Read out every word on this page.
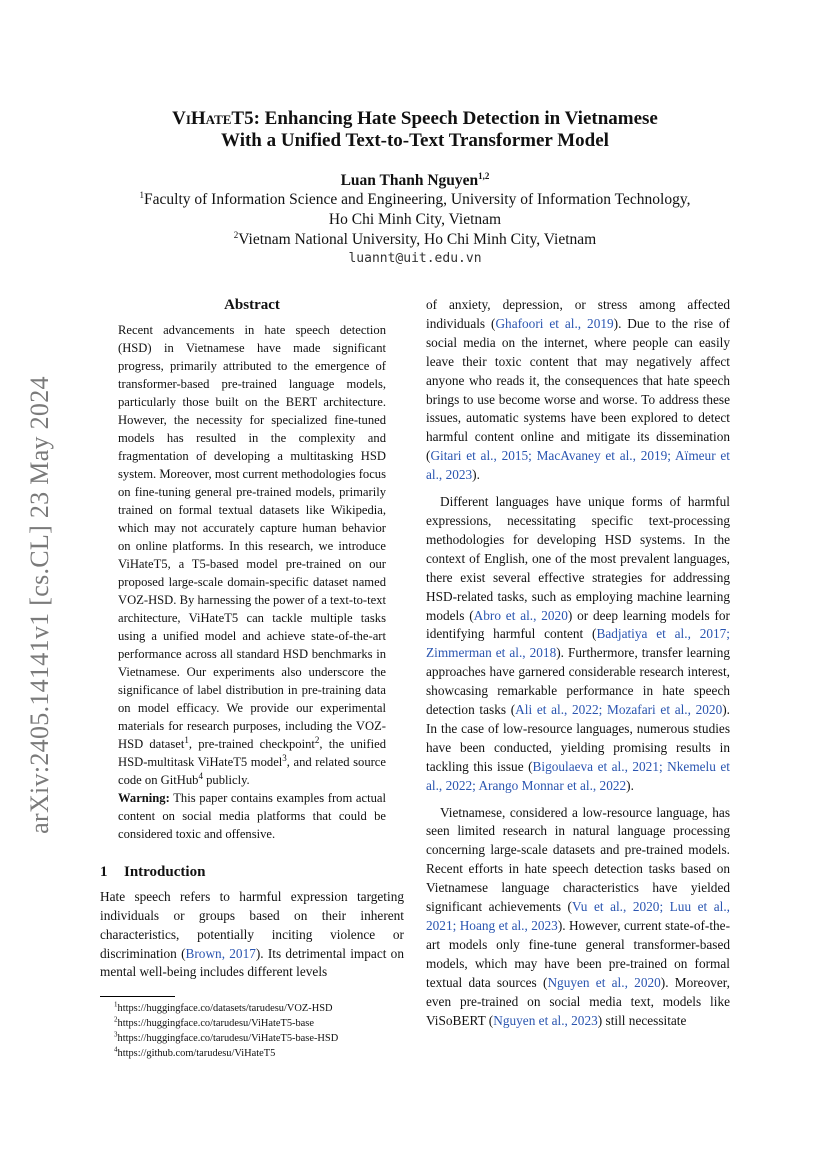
arXiv:2405.14141v1 [cs.CL] 23 May 2024
ViHateT5: Enhancing Hate Speech Detection in Vietnamese
With a Unified Text-to-Text Transformer Model
Luan Thanh Nguyen$^{1,2}$
$^1$Faculty of Information Science and Engineering, University of Information Technology,
Ho Chi Minh City, Vietnam
$^2$Vietnam National University, Ho Chi Minh City, Vietnam
luannt@uit.edu.vn
Abstract

Recent advancements in hate speech detection (HSD) in Vietnamese have made significant progress, primarily attributed to the emergence of transformer-based pre-trained language models, particularly those built on the BERT architecture. However, the necessity for specialized fine-tuned models has resulted in the complexity and fragmentation of developing a multitasking HSD system. Moreover, most current methodologies focus on fine-tuning general pre-trained models, primarily trained on formal textual datasets like Wikipedia, which may not accurately capture human behavior on online platforms. In this research, we introduce ViHateT5, a T5-based model pre-trained on our proposed large-scale domain-specific dataset named VOZ-HSD. By harnessing the power of a text-to-text architecture, ViHateT5 can tackle multiple tasks using a unified model and achieve state-of-the-art performance across all standard HSD benchmarks in Vietnamese. Our experiments also underscore the significance of label distribution in pre-training data on model efficacy. We provide our experimental materials for research purposes, including the VOZ-HSD dataset$^1$, pre-trained checkpoint$^2$, the unified HSD-multitask ViHateT5 model$^3$, and related source code on GitHub$^4$ publicly.

Warning: This paper contains examples from actual content on social media platforms that could be considered toxic and offensive.

1 Introduction

Hate speech refers to harmful expression targeting individuals or groups based on their inherent characteristics, potentially inciting violence or discrimination (Brown, 2017). Its detrimental impact on mental well-being includes different levels

$^1$https://huggingface.co/datasets/tarudesu/VOZ-HSD
$^2$https://huggingface.co/tarudesu/ViHateT5-base
$^3$https://huggingface.co/tarudesu/ViHateT5-base-HSD
$^4$https://github.com/tarudesu/ViHateT5

of anxiety, depression, or stress among affected individuals (Ghafoori et al., 2019). Due to the rise of social media on the internet, where people can easily leave their toxic content that may negatively affect anyone who reads it, the consequences that hate speech brings to use become worse and worse. To address these issues, automatic systems have been explored to detect harmful content online and mitigate its dissemination (Gitari et al., 2015; MacAvaney et al., 2019; Aïmeur et al., 2023).

Different languages have unique forms of harmful expressions, necessitating specific text-processing methodologies for developing HSD systems. In the context of English, one of the most prevalent languages, there exist several effective strategies for addressing HSD-related tasks, such as employing machine learning models (Abro et al., 2020) or deep learning models for identifying harmful content (Badjatiya et al., 2017; Zimmerman et al., 2018). Furthermore, transfer learning approaches have garnered considerable research interest, showcasing remarkable performance in hate speech detection tasks (Ali et al., 2022; Mozafari et al., 2020). In the case of low-resource languages, numerous studies have been conducted, yielding promising results in tackling this issue (Bigoulaeva et al., 2021; Nkemelu et al., 2022; Arango Monnar et al., 2022).

Vietnamese, considered a low-resource language, has seen limited research in natural language processing concerning large-scale datasets and pre-trained models. Recent efforts in hate speech detection tasks based on Vietnamese language characteristics have yielded significant achievements (Vu et al., 2020; Luu et al., 2021; Hoang et al., 2023). However, current state-of-the-art models only fine-tune general transformer-based models, which may have been pre-trained on formal textual data sources (Nguyen et al., 2020). Moreover, even pre-trained on social media text, models like ViSoBERT (Nguyen et al., 2023) still necessitate
